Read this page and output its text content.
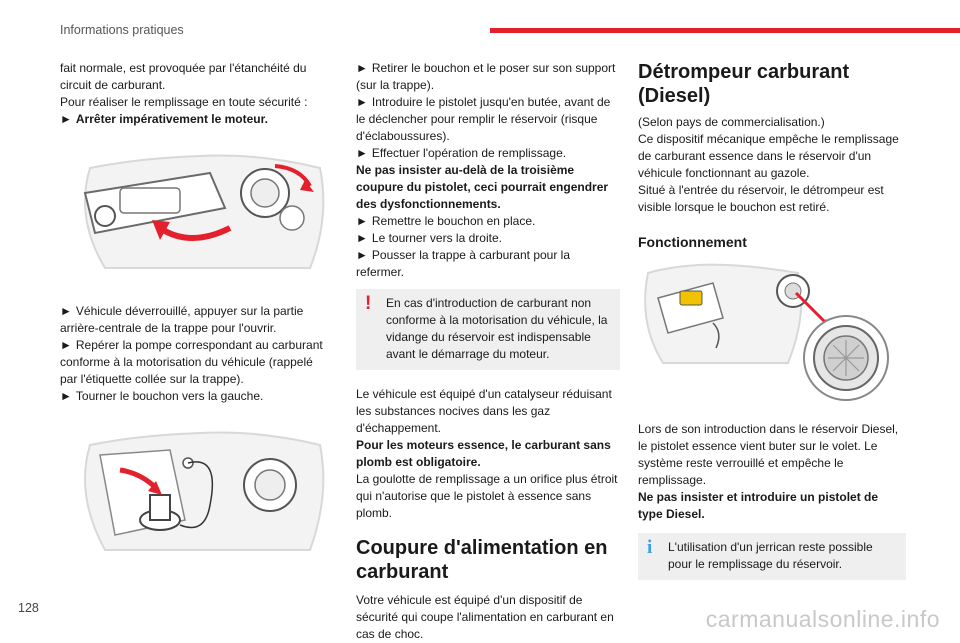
Informations pratiques

fait normale, est provoquée par l'étanchéité du circuit de carburant.

Pour réaliser le remplissage en toute sécurité :

► Arrêter impérativement le moteur.

► Véhicule déverrouillé, appuyer sur la partie arrière-centrale de la trappe pour l'ouvrir.

► Repérer la pompe correspondant au carburant conforme à la motorisation du véhicule (rappelé par l'étiquette collée sur la trappe).

► Tourner le bouchon vers la gauche.

► Retirer le bouchon et le poser sur son support (sur la trappe).

► Introduire le pistolet jusqu'en butée, avant de le déclencher pour remplir le réservoir (risque d'éclaboussures).

► Effectuer l'opération de remplissage.

Ne pas insister au-delà de la troisième coupure du pistolet, ceci pourrait engendrer des dysfonctionnements.

► Remettre le bouchon en place.

► Le tourner vers la droite.

► Pousser la trappe à carburant pour la refermer.

! En cas d'introduction de carburant non conforme à la motorisation du véhicule, la vidange du réservoir est indispensable avant le démarrage du moteur.

Le véhicule est équipé d'un catalyseur réduisant les substances nocives dans les gaz d'échappement.

Pour les moteurs essence, le carburant sans plomb est obligatoire.

La goulotte de remplissage a un orifice plus étroit qui n'autorise que le pistolet à essence sans plomb.

Coupure d'alimentation en carburant

Votre véhicule est équipé d'un dispositif de sécurité qui coupe l'alimentation en carburant en cas de choc.

Détrompeur carburant (Diesel)

(Selon pays de commercialisation.)

Ce dispositif mécanique empêche le remplissage de carburant essence dans le réservoir d'un véhicule fonctionnant au gazole.

Situé à l'entrée du réservoir, le détrompeur est visible lorsque le bouchon est retiré.

Fonctionnement

Lors de son introduction dans le réservoir Diesel, le pistolet essence vient buter sur le volet. Le système reste verrouillé et empêche le remplissage.

Ne pas insister et introduire un pistolet de type Diesel.

i L'utilisation d'un jerrican reste possible pour le remplissage du réservoir.
128	carmanualsonline.info
